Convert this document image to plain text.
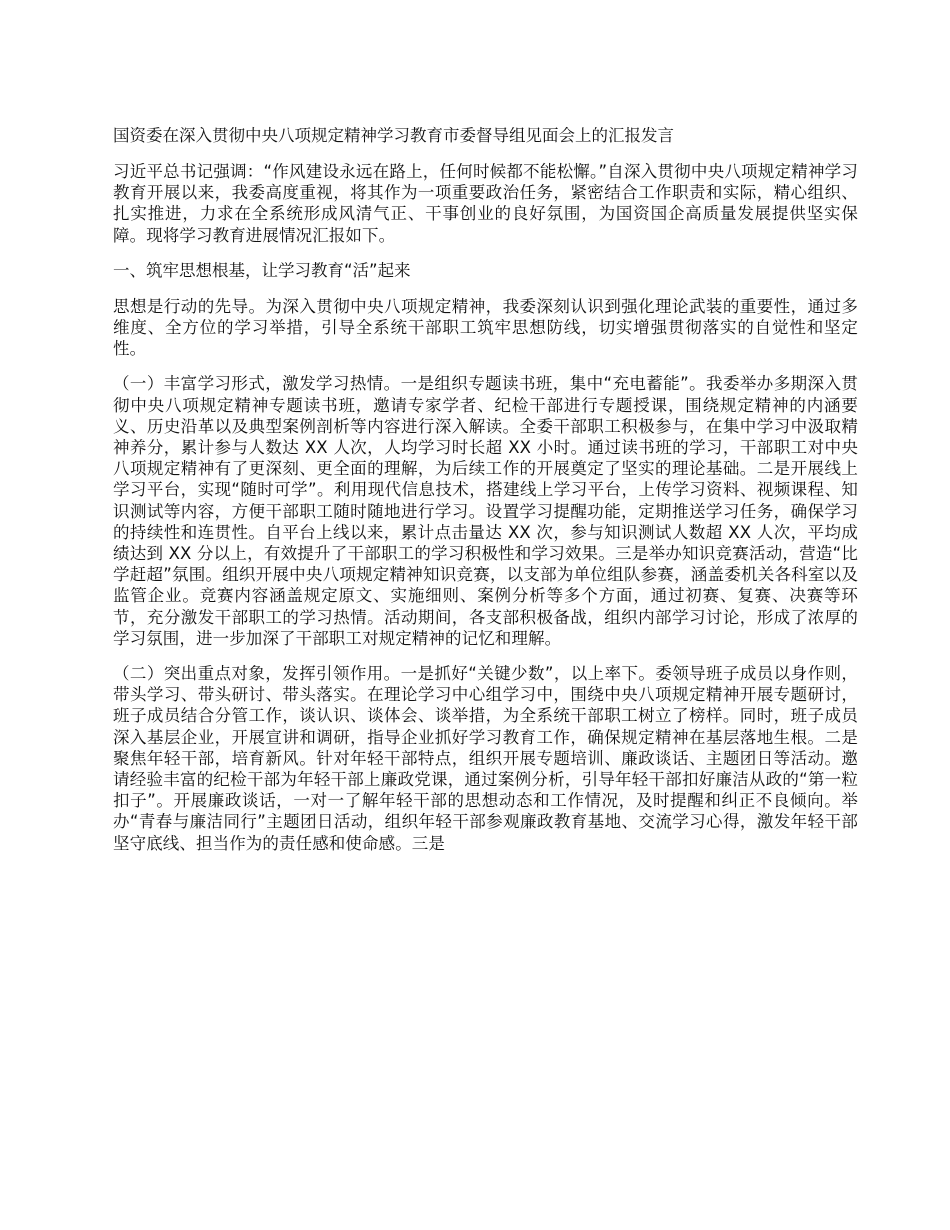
国资委在深入贯彻中央八项规定精神学习教育市委督导组见面会上的汇报发言

习近平总书记强调：“作风建设永远在路上，任何时候都不能松懈。”自深入贯彻中央八项规定精神学习教育开展以来，我委高度重视，将其作为一项重要政治任务，紧密结合工作职责和实际，精心组织、扎实推进，力求在全系统形成风清气正、干事创业的良好氛围，为国资国企高质量发展提供坚实保障。现将学习教育进展情况汇报如下。

一、筑牢思想根基，让学习教育“活”起来

思想是行动的先导。为深入贯彻中央八项规定精神，我委深刻认识到强化理论武装的重要性，通过多维度、全方位的学习举措，引导全系统干部职工筑牢思想防线，切实增强贯彻落实的自觉性和坚定性。

（一）丰富学习形式，激发学习热情。一是组织专题读书班，集中“充电蓄能”。我委举办多期深入贯彻中央八项规定精神专题读书班，邀请专家学者、纪检干部进行专题授课，围绕规定精神的内涵要义、历史沿革以及典型案例剖析等内容进行深入解读。全委干部职工积极参与，在集中学习中汲取精神养分，累计参与人数达 XX 人次，人均学习时长超 XX 小时。通过读书班的学习，干部职工对中央八项规定精神有了更深刻、更全面的理解，为后续工作的开展奠定了坚实的理论基础。二是开展线上学习平台，实现“随时可学”。利用现代信息技术，搭建线上学习平台，上传学习资料、视频课程、知识测试等内容，方便干部职工随时随地进行学习。设置学习提醒功能，定期推送学习任务，确保学习的持续性和连贯性。自平台上线以来，累计点击量达 XX 次，参与知识测试人数超 XX 人次，平均成绩达到 XX 分以上，有效提升了干部职工的学习积极性和学习效果。三是举办知识竞赛活动，营造“比学赶超”氛围。组织开展中央八项规定精神知识竞赛，以支部为单位组队参赛，涵盖委机关各科室以及监管企业。竞赛内容涵盖规定原文、实施细则、案例分析等多个方面，通过初赛、复赛、决赛等环节，充分激发干部职工的学习热情。活动期间，各支部积极备战，组织内部学习讨论，形成了浓厚的学习氛围，进一步加深了干部职工对规定精神的记忆和理解。

（二）突出重点对象，发挥引领作用。一是抓好“关键少数”，以上率下。委领导班子成员以身作则，带头学习、带头研讨、带头落实。在理论学习中心组学习中，围绕中央八项规定精神开展专题研讨，班子成员结合分管工作，谈认识、谈体会、谈举措，为全系统干部职工树立了榜样。同时，班子成员深入基层企业，开展宣讲和调研，指导企业抓好学习教育工作，确保规定精神在基层落地生根。二是聚焦年轻干部，培育新风。针对年轻干部特点，组织开展专题培训、廉政谈话、主题团日等活动。邀请经验丰富的纪检干部为年轻干部上廉政党课，通过案例分析，引导年轻干部扣好廉洁从政的“第一粒扣子”。开展廉政谈话，一对一了解年轻干部的思想动态和工作情况，及时提醒和纠正不良倾向。举办“青春与廉洁同行”主题团日活动，组织年轻干部参观廉政教育基地、交流学习心得，激发年轻干部坚守底线、担当作为的责任感和使命感。三是
